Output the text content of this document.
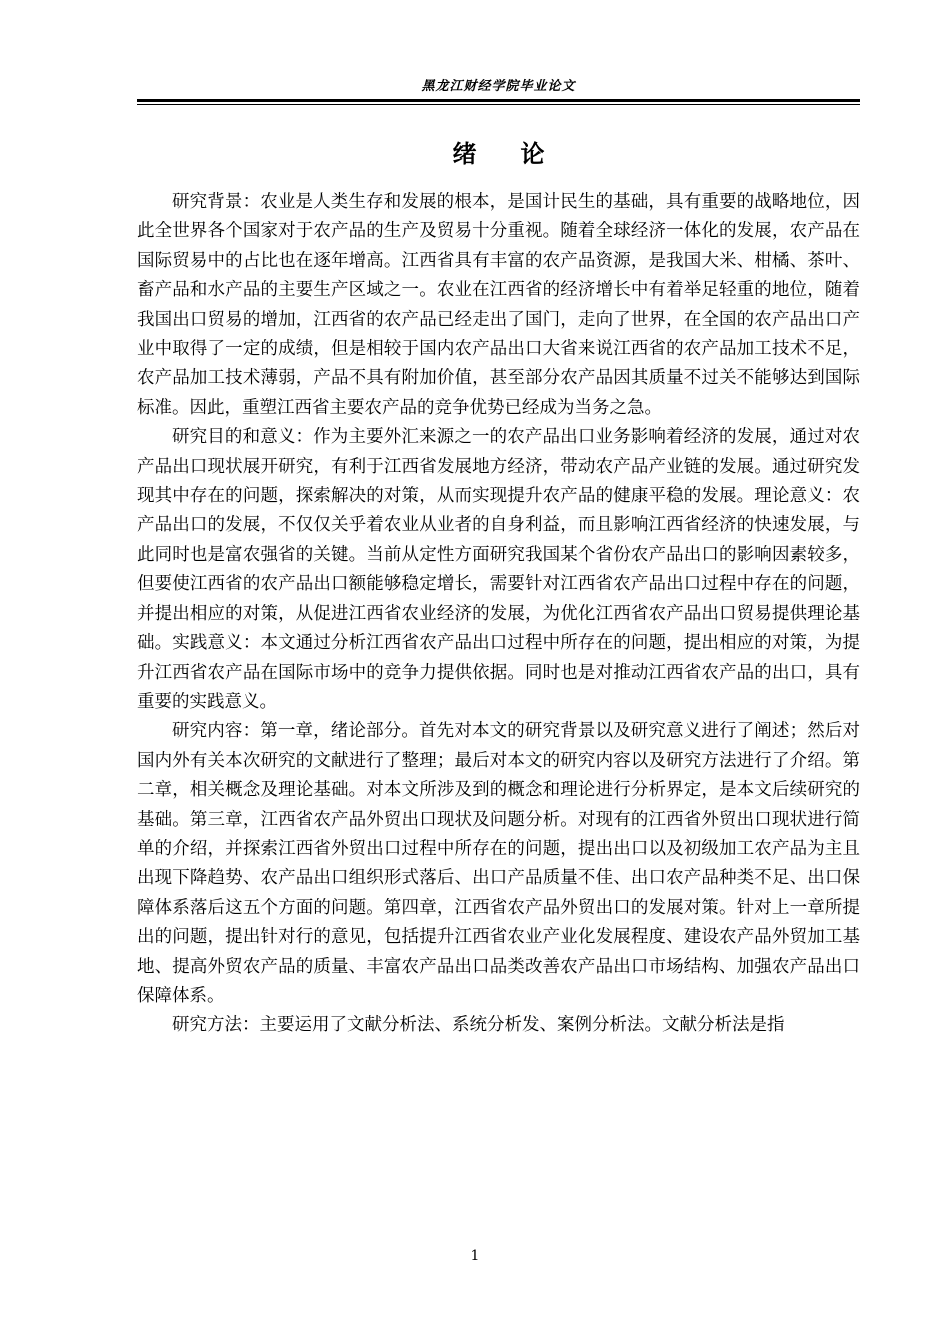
黑龙江财经学院毕业论文
绪论

研究背景：农业是人类生存和发展的根本，是国计民生的基础，具有重要的战略地位，因此全世界各个国家对于农产品的生产及贸易十分重视。随着全球经济一体化的发展，农产品在国际贸易中的占比也在逐年增高。江西省具有丰富的农产品资源，是我国大米、柑橘、茶叶、畜产品和水产品的主要生产区域之一。农业在江西省的经济增长中有着举足轻重的地位，随着我国出口贸易的增加，江西省的农产品已经走出了国门，走向了世界，在全国的农产品出口产业中取得了一定的成绩，但是相较于国内农产品出口大省来说江西省的农产品加工技术不足，农产品加工技术薄弱，产品不具有附加价值，甚至部分农产品因其质量不过关不能够达到国际标准。因此，重塑江西省主要农产品的竞争优势已经成为当务之急。

研究目的和意义：作为主要外汇来源之一的农产品出口业务影响着经济的发展，通过对农产品出口现状展开研究，有利于江西省发展地方经济，带动农产品产业链的发展。通过研究发现其中存在的问题，探索解决的对策，从而实现提升农产品的健康平稳的发展。理论意义：农产品出口的发展，不仅仅关乎着农业从业者的自身利益，而且影响江西省经济的快速发展，与此同时也是富农强省的关键。当前从定性方面研究我国某个省份农产品出口的影响因素较多，但要使江西省的农产品出口额能够稳定增长，需要针对江西省农产品出口过程中存在的问题，并提出相应的对策，从促进江西省农业经济的发展，为优化江西省农产品出口贸易提供理论基础。实践意义：本文通过分析江西省农产品出口过程中所存在的问题，提出相应的对策，为提升江西省农产品在国际市场中的竞争力提供依据。同时也是对推动江西省农产品的出口，具有重要的实践意义。

研究内容：第一章，绪论部分。首先对本文的研究背景以及研究意义进行了阐述；然后对国内外有关本次研究的文献进行了整理；最后对本文的研究内容以及研究方法进行了介绍。第二章，相关概念及理论基础。对本文所涉及到的概念和理论进行分析界定，是本文后续研究的基础。第三章，江西省农产品外贸出口现状及问题分析。对现有的江西省外贸出口现状进行简单的介绍，并探索江西省外贸出口过程中所存在的问题，提出出口以及初级加工农产品为主且出现下降趋势、农产品出口组织形式落后、出口产品质量不佳、出口农产品种类不足、出口保障体系落后这五个方面的问题。第四章，江西省农产品外贸出口的发展对策。针对上一章所提出的问题，提出针对行的意见，包括提升江西省农业产业化发展程度、建设农产品外贸加工基地、提高外贸农产品的质量、丰富农产品出口品类改善农产品出口市场结构、加强农产品出口保障体系。

研究方法：主要运用了文献分析法、系统分析发、案例分析法。文献分析法是指

1
